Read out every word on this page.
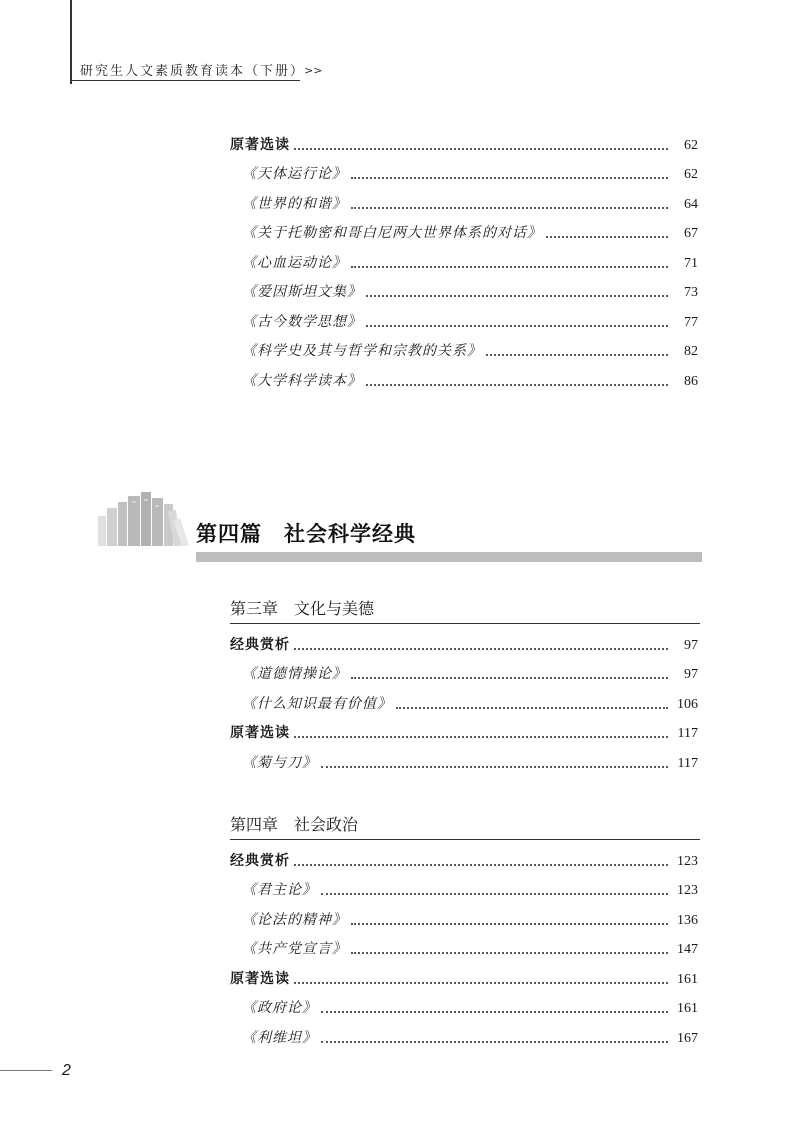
研究生人文素质教育读本（下册）
>>
原著选读	62
《天体运行论》	62
《世界的和谐》	64
《关于托勒密和哥白尼两大世界体系的对话》	67
《心血运动论》	71
《爱因斯坦文集》	73
《古今数学思想》	77
《科学史及其与哲学和宗教的关系》	82
《大学科学读本》	86
第四篇　社会科学经典
第三章　文化与美德
经典赏析	97
《道德情操论》	97
《什么知识最有价值》	106
原著选读	117
《菊与刀》	117
第四章　社会政治
经典赏析	123
《君主论》	123
《论法的精神》	136
《共产党宣言》	147
原著选读	161
《政府论》	161
《利维坦》	167
2
